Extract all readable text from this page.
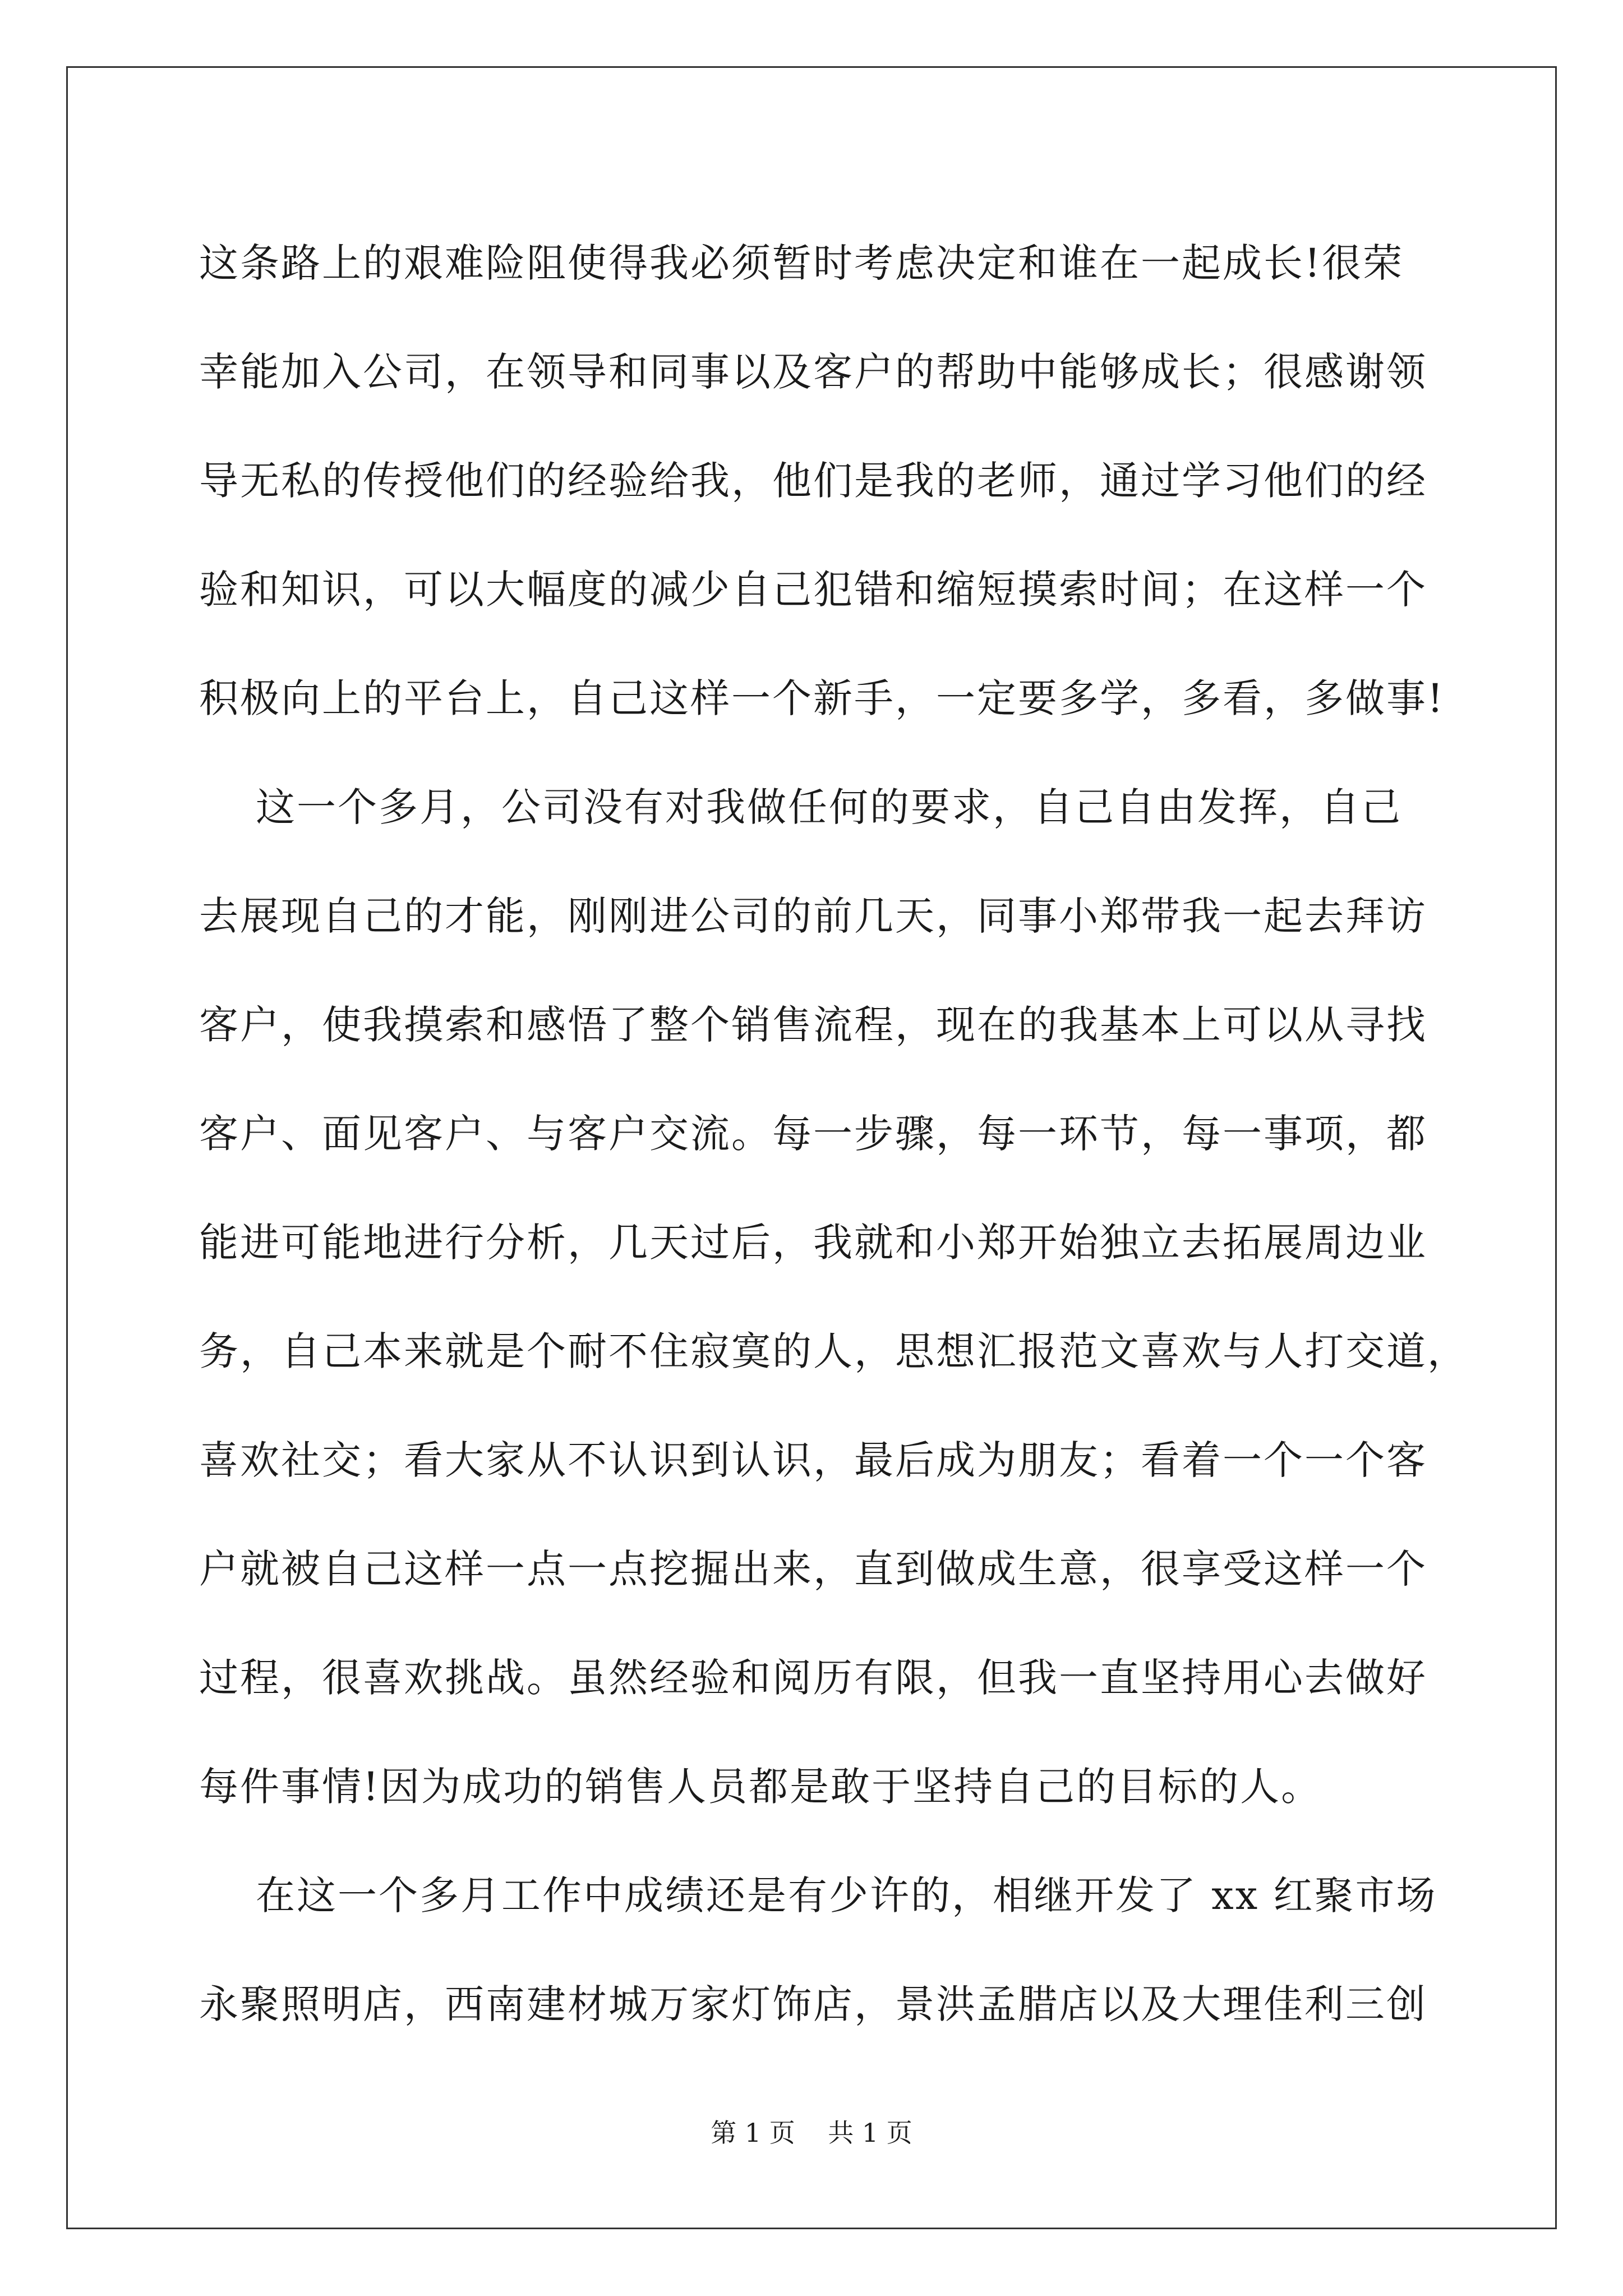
这条路上的艰难险阻使得我必须暂时考虑决定和谁在一起成长!很荣
幸能加入公司，在领导和同事以及客户的帮助中能够成长；很感谢领
导无私的传授他们的经验给我，他们是我的老师，通过学习他们的经
验和知识，可以大幅度的减少自己犯错和缩短摸索时间；在这样一个
积极向上的平台上，自己这样一个新手，一定要多学，多看，多做事!
这一个多月，公司没有对我做任何的要求，自己自由发挥，自己
去展现自己的才能，刚刚进公司的前几天，同事小郑带我一起去拜访
客户，使我摸索和感悟了整个销售流程，现在的我基本上可以从寻找
客户、面见客户、与客户交流。每一步骤，每一环节，每一事项，都
能进可能地进行分析，几天过后，我就和小郑开始独立去拓展周边业
务，自己本来就是个耐不住寂寞的人，思想汇报范文喜欢与人打交道，
喜欢社交；看大家从不认识到认识，最后成为朋友；看着一个一个客
户就被自己这样一点一点挖掘出来，直到做成生意，很享受这样一个
过程，很喜欢挑战。虽然经验和阅历有限，但我一直坚持用心去做好
每件事情!因为成功的销售人员都是敢于坚持自己的目标的人。
在这一个多月工作中成绩还是有少许的，相继开发了 xx 红聚市场
永聚照明店，西南建材城万家灯饰店，景洪孟腊店以及大理佳利三创
第 1 页    共 1 页
